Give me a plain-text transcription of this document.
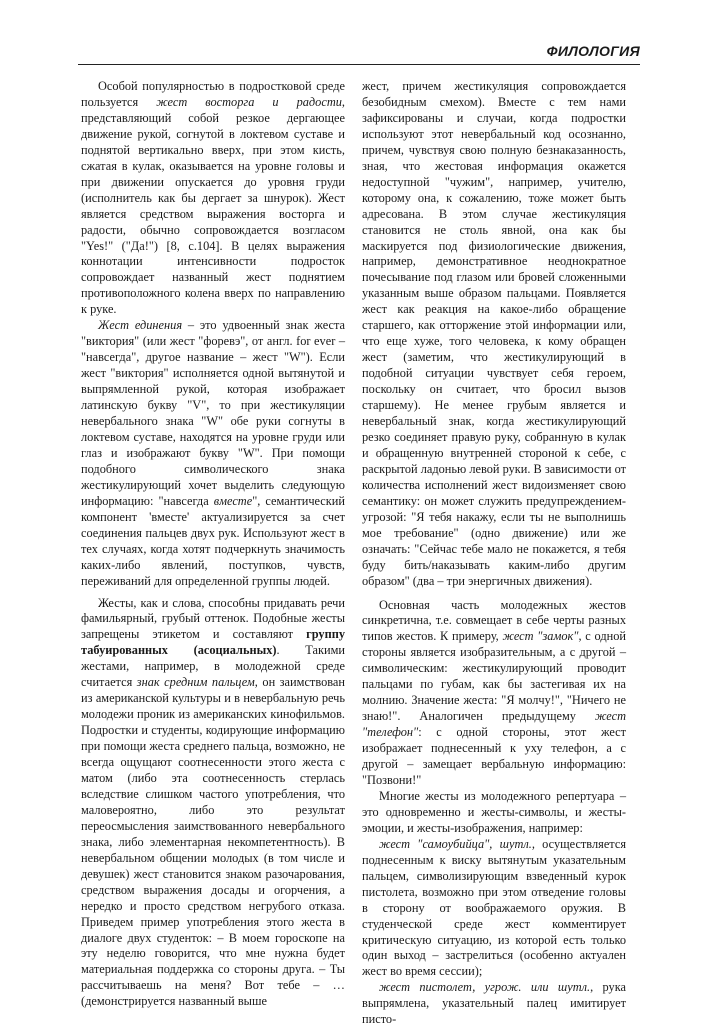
ФИЛОЛОГИЯ

Особой популярностью в подростковой среде пользуется жест восторга и радости, представляющий собой резкое дергающее движение рукой, согнутой в локтевом суставе и поднятой вертикально вверх, при этом кисть, сжатая в кулак, оказывается на уровне головы и при движении опускается до уровня груди (исполнитель как бы дергает за шнурок). Жест является средством выражения восторга и радости, обычно сопровождается возгласом "Yes!" ("Да!") [8, с.104]. В целях выражения коннотации интенсивности подросток сопровождает названный жест поднятием противоположного колена вверх по направлению к руке.

Жест единения – это удвоенный знак жеста "виктория" (или жест "форевэ", от англ. for ever – "навсегда", другое название – жест "W"). Если жест "виктория" исполняется одной вытянутой и выпрямленной рукой, которая изображает латинскую букву "V", то при жестикуляции невербального знака "W" обе руки согнуты в локтевом суставе, находятся на уровне груди или глаз и изображают букву "W". При помощи подобного символического знака жестикулирующий хочет выделить следующую информацию: "навсегда вместе", семантический компонент 'вместе' актуализируется за счет соединения пальцев двух рук. Используют жест в тех случаях, когда хотят подчеркнуть значимость каких-либо явлений, поступков, чувств, переживаний для определенной группы людей.

Жесты, как и слова, способны придавать речи фамильярный, грубый оттенок. Подобные жесты запрещены этикетом и составляют группу табуированных (асоциальных). Такими жестами, например, в молодежной среде считается знак средним пальцем, он заимствован из американской культуры и в невербальную речь молодежи проник из американских кинофильмов. Подростки и студенты, кодирующие информацию при помощи жеста среднего пальца, возможно, не всегда ощущают соотнесенности этого жеста с матом (либо эта соотнесенность стерлась вследствие слишком частого употребления, что маловероятно, либо это результат переосмысления заимствованного невербального знака, либо элементарная некомпетентность). В невербальном общении молодых (в том числе и девушек) жест становится знаком разочарования, средством выражения досады и огорчения, а нередко и просто средством негрубого отказа. Приведем пример употребления этого жеста в диалоге двух студенток: – В моем гороскопе на эту неделю говорится, что мне нужна будет материальная поддержка со стороны друга. – Ты рассчитываешь на меня? Вот тебе – … (демонстрируется названный выше

жест, причем жестикуляция сопровождается безобидным смехом). Вместе с тем нами зафиксированы и случаи, когда подростки используют этот невербальный код осознанно, причем, чувствуя свою полную безнаказанность, зная, что жестовая информация окажется недоступной "чужим", например, учителю, которому она, к сожалению, тоже может быть адресована. В этом случае жестикуляция становится не столь явной, она как бы маскируется под физиологические движения, например, демонстративное неоднократное почесывание под глазом или бровей сложенными указанным выше образом пальцами. Появляется жест как реакция на какое-либо обращение старшего, как отторжение этой информации или, что еще хуже, того человека, к кому обращен жест (заметим, что жестикулирующий в подобной ситуации чувствует себя героем, поскольку он считает, что бросил вызов старшему). Не менее грубым является и невербальный знак, когда жестикулирующий резко соединяет правую руку, собранную в кулак и обращенную внутренней стороной к себе, с раскрытой ладонью левой руки. В зависимости от количества исполнений жест видоизменяет свою семантику: он может служить предупреждением-угрозой: "Я тебя накажу, если ты не выполнишь мое требование" (одно движение) или же означать: "Сейчас тебе мало не покажется, я тебя буду бить/наказывать каким-либо другим образом" (два – три энергичных движения).

Основная часть молодежных жестов синкретична, т.е. совмещает в себе черты разных типов жестов. К примеру, жест "замок", с одной стороны является изобразительным, а с другой – символическим: жестикулирующий проводит пальцами по губам, как бы застегивая их на молнию. Значение жеста: "Я молчу!", "Ничего не знаю!". Аналогичен предыдущему жест "телефон": с одной стороны, этот жест изображает поднесенный к уху телефон, а с другой – замещает вербальную информацию: "Позвони!"

Многие жесты из молодежного репертуара – это одновременно и жесты-символы, и жесты-эмоции, и жесты-изображения, например:

жест "самоубийца", шутл., осуществляется поднесенным к виску вытянутым указательным пальцем, символизирующим взведенный курок пистолета, возможно при этом отведение головы в сторону от воображаемого оружия. В студенческой среде жест комментирует критическую ситуацию, из которой есть только один выход – застрелиться (особенно актуален жест во время сессии);

жест пистолет, угрож. или шутл., рука выпрямлена, указательный палец имитирует писто-
